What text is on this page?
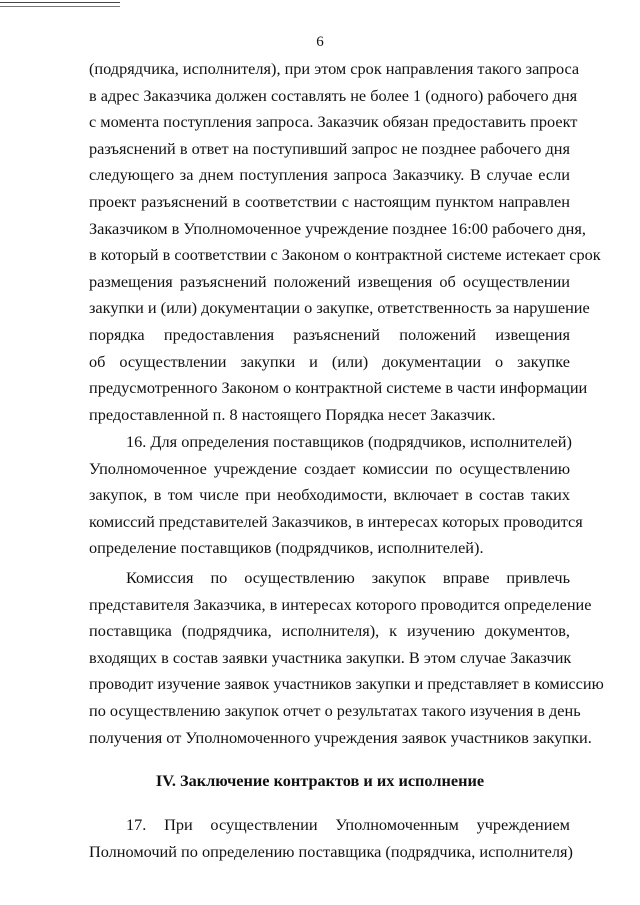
6
(подрядчика, исполнителя), при этом срок направления такого запроса
в адрес Заказчика должен составлять не более 1 (одного) рабочего дня
с момента поступления запроса. Заказчик обязан предоставить проект
разъяснений в ответ на поступивший запрос не позднее рабочего дня
следующего за днем поступления запроса Заказчику. В случае если
проект разъяснений в соответствии с настоящим пунктом направлен
Заказчиком в Уполномоченное учреждение позднее 16:00 рабочего дня,
в который в соответствии с Законом о контрактной системе истекает срок
размещения разъяснений положений извещения об осуществлении
закупки и (или) документации о закупке, ответственность за нарушение
порядка предоставления разъяснений положений извещения
об осуществлении закупки и (или) документации о закупке
предусмотренного Законом о контрактной системе в части информации
предоставленной п. 8 настоящего Порядка несет Заказчик.
16. Для определения поставщиков (подрядчиков, исполнителей)
Уполномоченное учреждение создает комиссии по осуществлению
закупок, в том числе при необходимости, включает в состав таких
комиссий представителей Заказчиков, в интересах которых проводится
определение поставщиков (подрядчиков, исполнителей).
Комиссия по осуществлению закупок вправе привлечь
представителя Заказчика, в интересах которого проводится определение
поставщика (подрядчика, исполнителя), к изучению документов,
входящих в состав заявки участника закупки. В этом случае Заказчик
проводит изучение заявок участников закупки и представляет в комиссию
по осуществлению закупок отчет о результатах такого изучения в день
получения от Уполномоченного учреждения заявок участников закупки.
IV. Заключение контрактов и их исполнение
17. При осуществлении Уполномоченным учреждением
Полномочий по определению поставщика (подрядчика, исполнителя)
